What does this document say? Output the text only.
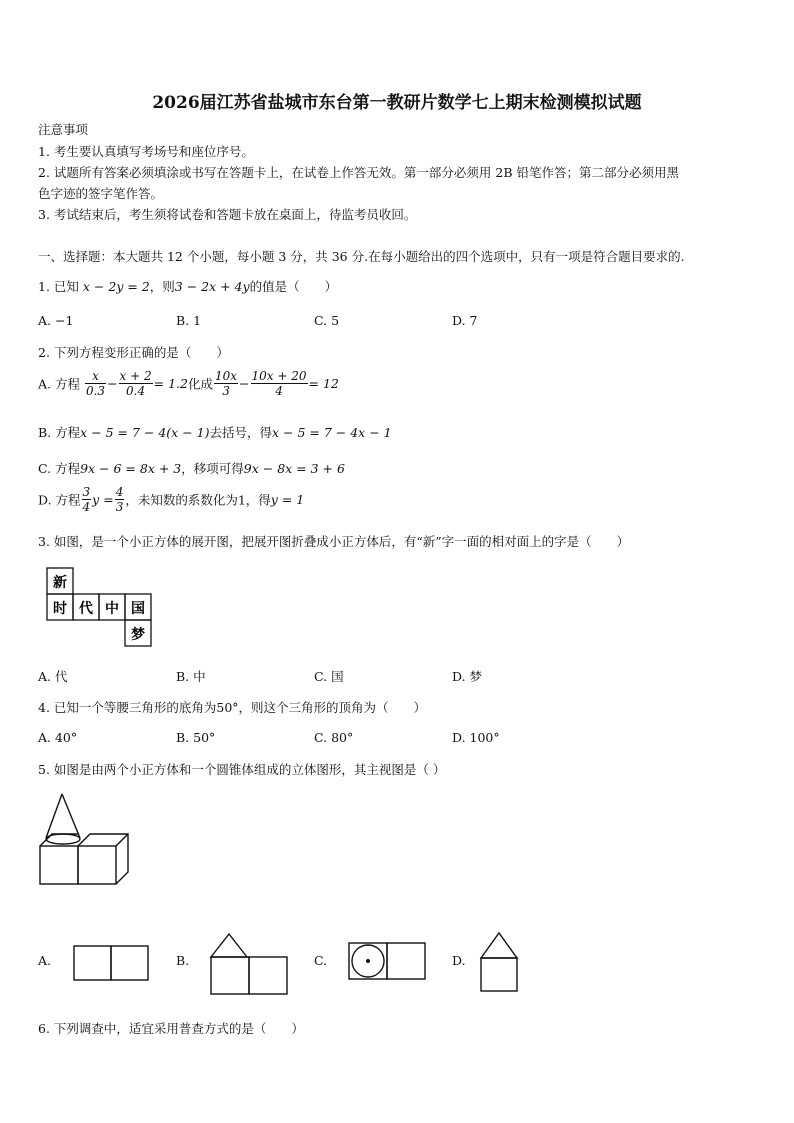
2026届江苏省盐城市东台第一教研片数学七上期末检测模拟试题
注意事项
1. 考生要认真填写考场号和座位序号。
2. 试题所有答案必须填涂或书写在答题卡上，在试卷上作答无效。第一部分必须用 2B 铅笔作答；第二部分必须用黑
色字迹的签字笔作答。
3. 考试结束后，考生须将试卷和答题卡放在桌面上，待监考员收回。
一、选择题：本大题共 12 个小题，每小题 3 分，共 36 分.在每小题给出的四个选项中，只有一项是符合题目要求的.
1. 已知 x − 2y = 2，则3 − 2x + 4y的值是（　　）
A. −1	B. 1	C. 5	D. 7
2. 下列方程变形正确的是（　　）
A. 方程 $\frac{x}{0.3} - \frac{x + 2}{0.4} = 1.2$化成 $\frac{10x}{3} - \frac{10x + 20}{4} = 12$
B. 方程x − 5 = 7 − 4(x − 1)去括号，得x − 5 = 7 − 4x − 1
C. 方程9x − 6 = 8x + 3，移项可得9x − 8x = 3 + 6
D. 方程 $\frac{3}{4}$ $y = \frac{4}{3}$ ，未知数的系数化为1，得y = 1
3. 如图，是一个小正方体的展开图，把展开图折叠成小正方体后，有“新”字一面的相对面上的字是（　　）
新
时 代 中 国
梦
A. 代	B. 中	C. 国	D. 梦
4. 已知一个等腰三角形的底角为50°，则这个三角形的顶角为（　　）
A. 40°	B. 50°	C. 80°	D. 100°
5. 如图是由两个小正方体和一个圆锥体组成的立体图形，其主视图是（ ）
A.	B.	C.	D.
6. 下列调查中，适宜采用普查方式的是（　　）
